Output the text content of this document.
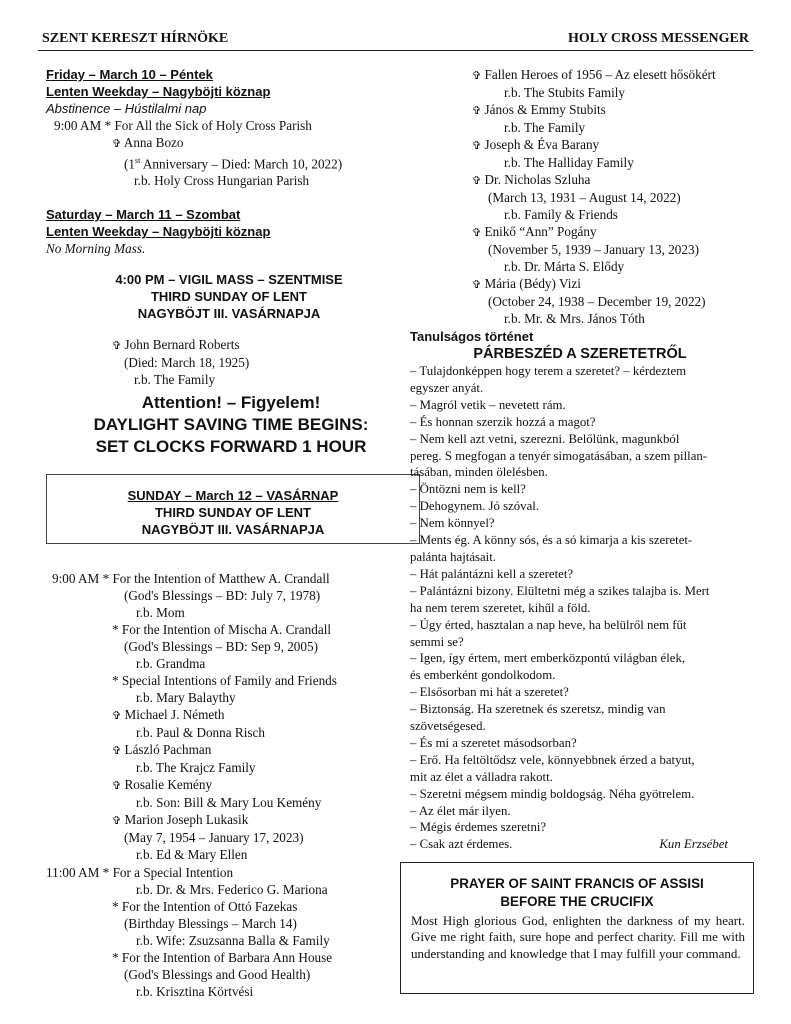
SZENT KERESZT HÍRNÖKE	HOLY CROSS MESSENGER
Friday – March 10 – Péntek
Lenten Weekday – Nagyböjti köznap
Abstinence – Hústilalmi nap
9:00 AM * For All the Sick of Holy Cross Parish
✞ Anna Bozo
(1st Anniversary – Died: March 10, 2022)
r.b. Holy Cross Hungarian Parish
Saturday – March 11 – Szombat
Lenten Weekday – Nagyböjti köznap
No Morning Mass.
4:00 PM – VIGIL MASS – SZENTMISE
THIRD SUNDAY OF LENT
NAGYBÖJT III. VASÁRNAPJA
✞ John Bernard Roberts
(Died: March 18, 1925)
r.b. The Family
Attention! – Figyelem!
DAYLIGHT SAVING TIME BEGINS:
SET CLOCKS FORWARD 1 HOUR
SUNDAY – March 12 – VASÁRNAP
THIRD SUNDAY OF LENT
NAGYBÖJT III. VASÁRNAPJA
9:00 AM * For the Intention of Matthew A. Crandall
(God's Blessings – BD: July 7, 1978)
r.b. Mom
* For the Intention of Mischa A. Crandall
(God's Blessings – BD: Sep 9, 2005)
r.b. Grandma
* Special Intentions of Family and Friends
r.b. Mary Balaythy
✞ Michael J. Németh
r.b. Paul & Donna Risch
✞ László Pachman
r.b. The Krajcz Family
✞ Rosalie Kemény
r.b. Son: Bill & Mary Lou Kemény
✞ Marion Joseph Lukasik
(May 7, 1954 – January 17, 2023)
r.b. Ed & Mary Ellen
11:00 AM * For a Special Intention
r.b. Dr. & Mrs. Federico G. Mariona
* For the Intention of Ottó Fazekas
(Birthday Blessings – March 14)
r.b. Wife: Zsuzsanna Balla & Family
* For the Intention of Barbara Ann House
(God's Blessings and Good Health)
r.b. Krisztina Körtvési
✞ Fallen Heroes of 1956 – Az elesett hősökért
r.b. The Stubits Family
✞ János & Emmy Stubits
r.b. The Family
✞ Joseph & Éva Barany
r.b. The Halliday Family
✞ Dr. Nicholas Szluha
(March 13, 1931 – August 14, 2022)
r.b. Family & Friends
✞ Enikő “Ann” Pogány
(November 5, 1939 – January 13, 2023)
r.b. Dr. Márta S. Elődy
✞ Mária (Bédy) Vizi
(October 24, 1938 – December 19, 2022)
r.b. Mr. & Mrs. János Tóth
Tanulságos történet
PÁRBESZÉD A SZERETETRŐL
– Tulajdonképpen hogy terem a szeretet? – kérdeztem
egyszer anyát.
– Magról vetik – nevetett rám.
– És honnan szerzik hozzá a magot?
– Nem kell azt vetni, szerezni. Belőlünk, magunkból
pereg. S megfogan a tenyér simogatásában, a szem pillan-
tásában, minden ölelésben.
– Öntözni nem is kell?
– Dehogynem. Jó szóval.
– Nem könnyel?
– Ments ég. A könny sós, és a só kimarja a kis szeretet-
palánta hajtásait.
– Hát palántázni kell a szeretet?
– Palántázni bizony. Elültetni még a szikes talajba is. Mert
ha nem terem szeretet, kihűl a föld.
– Úgy érted, hasztalan a nap heve, ha belülről nem fűt
semmi se?
– Igen, így értem, mert emberközpontú világban élek,
és emberként gondolkodom.
– Elsősorban mi hát a szeretet?
– Biztonság. Ha szeretnek és szeretsz, mindig van
szövetségesed.
– És mi a szeretet másodsorban?
– Erő. Ha feltöltődsz vele, könnyebbnek érzed a batyut,
mit az élet a válladra rakott.
– Szeretni mégsem mindig boldogság. Néha gyötrelem.
– Az élet már ilyen.
– Mégis érdemes szeretni?
– Csak azt érdemes.	Kun Erzsébet
PRAYER OF SAINT FRANCIS OF ASSISI
BEFORE THE CRUCIFIX

Most High glorious God, enlighten the darkness of my heart. Give me right faith, sure hope and perfect charity. Fill me with understanding and knowledge that I may fulfill your command.
